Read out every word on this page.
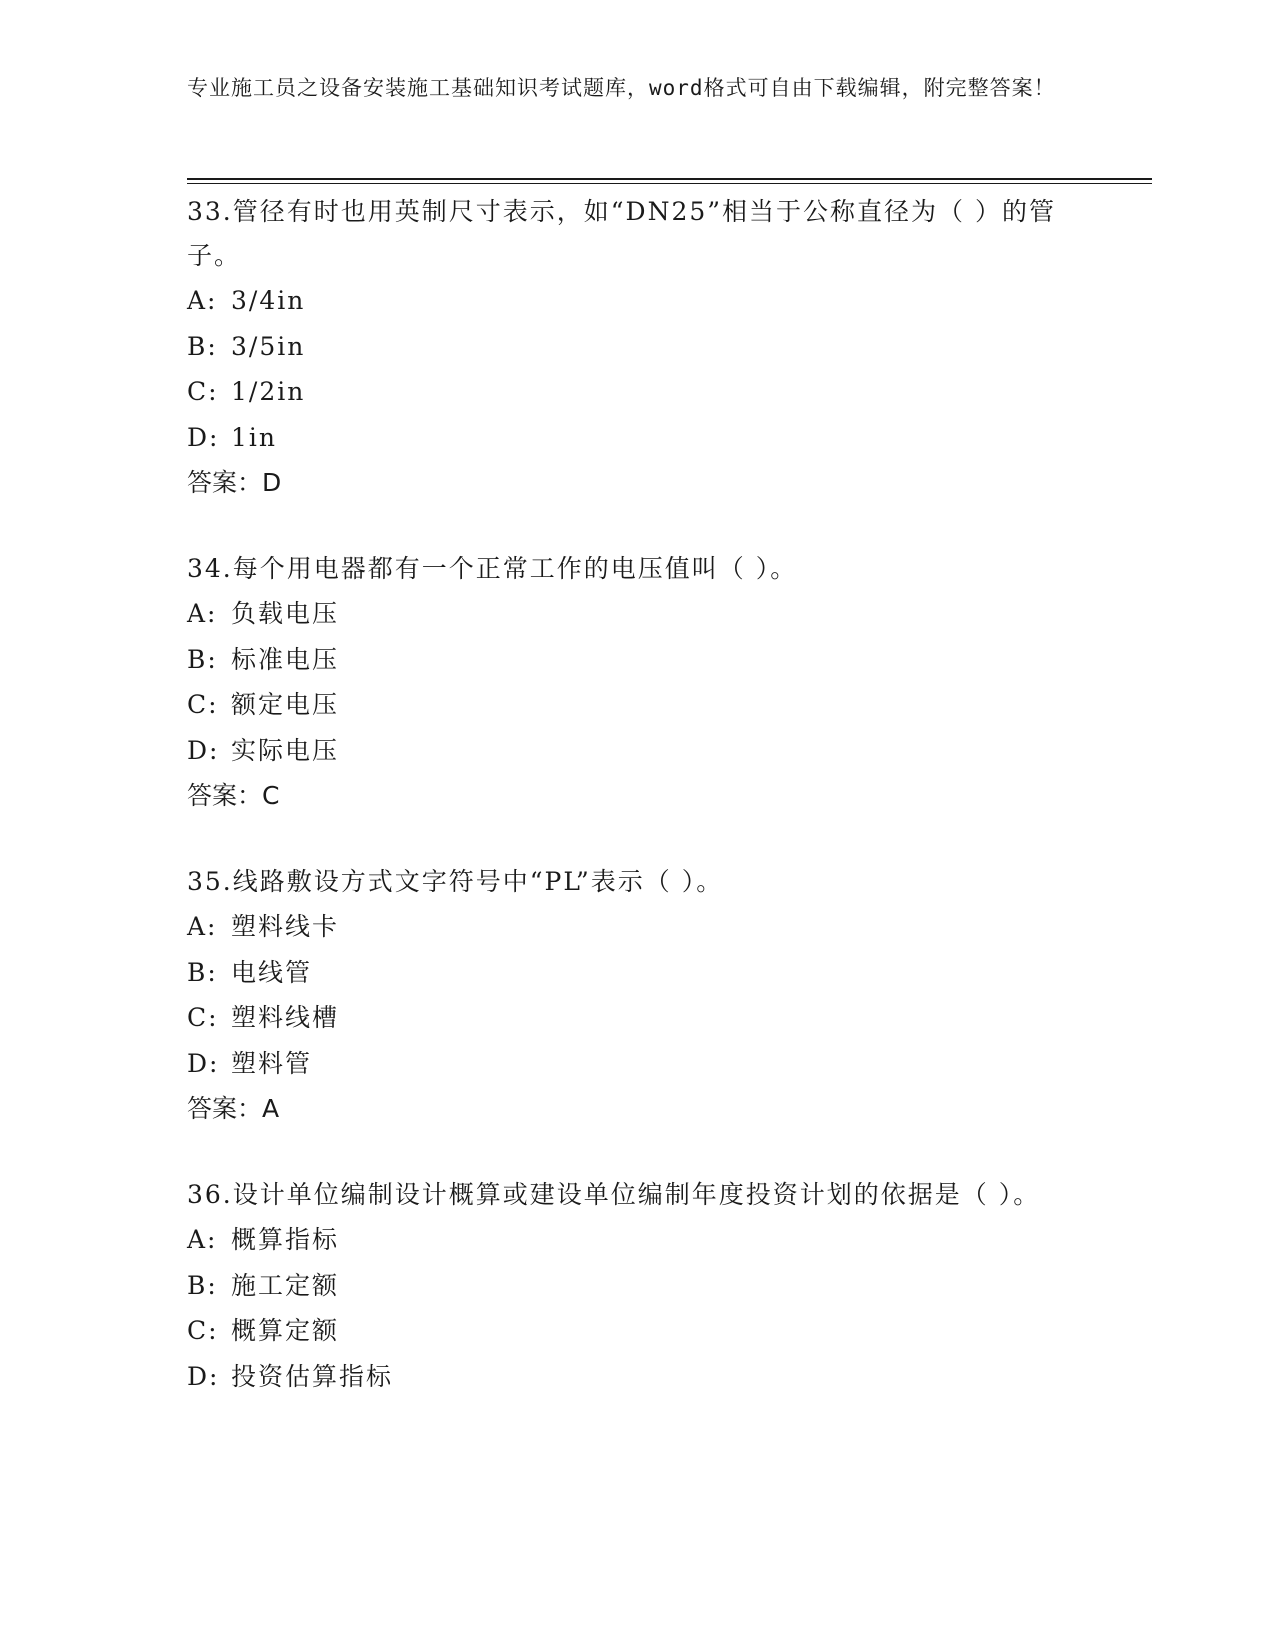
专业施工员之设备安装施工基础知识考试题库，word格式可自由下载编辑，附完整答案！
33.管径有时也用英制尺寸表示，如“DN25”相当于公称直径为（ ）的管子。
A: 3/4in
B: 3/5in
C: 1/2in
D: 1in
答案：D
34.每个用电器都有一个正常工作的电压值叫（ ）。
A: 负载电压
B: 标准电压
C: 额定电压
D: 实际电压
答案：C
35.线路敷设方式文字符号中“PL”表示（ ）。
A: 塑料线卡
B: 电线管
C: 塑料线槽
D: 塑料管
答案：A
36.设计单位编制设计概算或建设单位编制年度投资计划的依据是（ ）。
A: 概算指标
B: 施工定额
C: 概算定额
D: 投资估算指标
